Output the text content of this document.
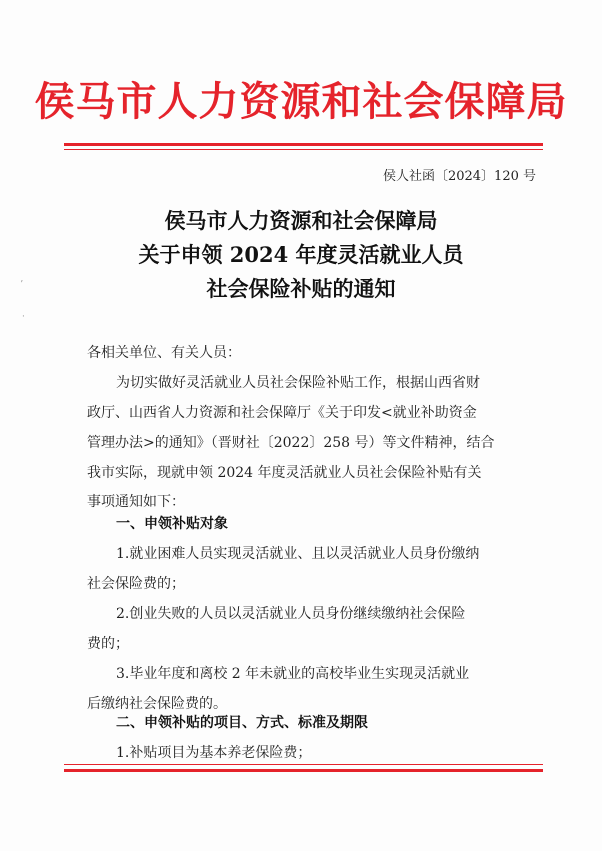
侯马市人力资源和社会保障局
侯人社函〔2024〕120 号
侯马市人力资源和社会保障局
关于申领 2024 年度灵活就业人员
社会保险补贴的通知
各相关单位、有关人员：
为切实做好灵活就业人员社会保险补贴工作，根据山西省财
政厅、山西省人力资源和社会保障厅《关于印发<就业补助资金
管理办法>的通知》（晋财社〔2022〕258 号）等文件精神，结合
我市实际，现就申领 2024 年度灵活就业人员社会保险补贴有关
事项通知如下：
一、申领补贴对象
1.就业困难人员实现灵活就业、且以灵活就业人员身份缴纳
社会保险费的；
2.创业失败的人员以灵活就业人员身份继续缴纳社会保险
费的；
3.毕业年度和离校 2 年未就业的高校毕业生实现灵活就业
后缴纳社会保险费的。
二、申领补贴的项目、方式、标准及期限
1.补贴项目为基本养老保险费；
ʼ
·
